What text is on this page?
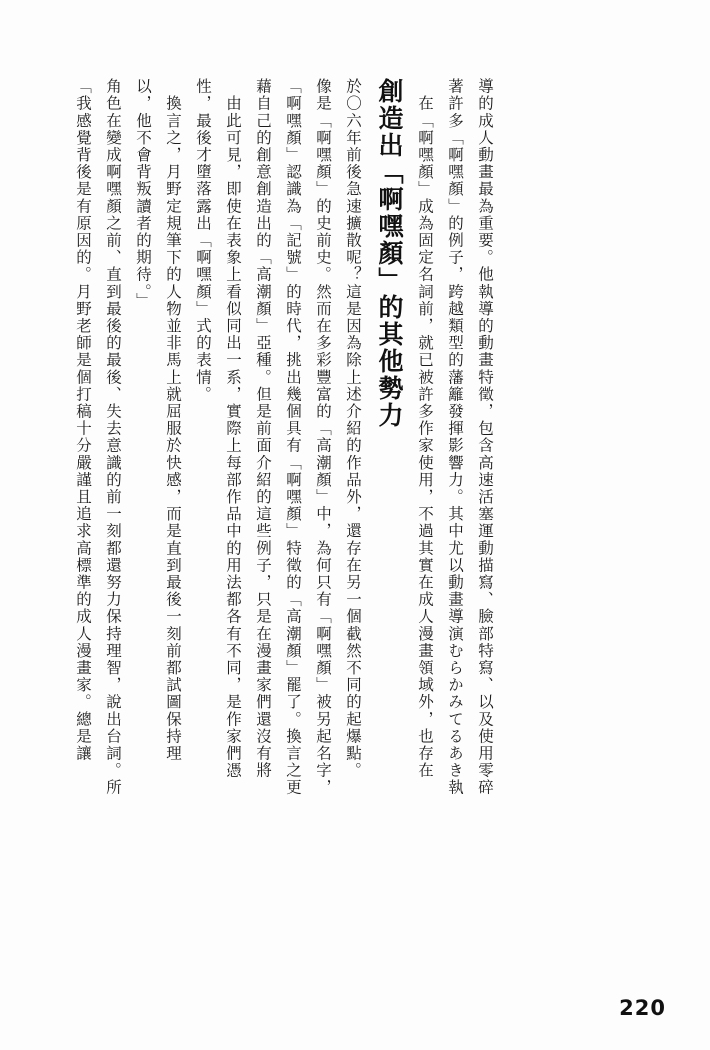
「我感覺背後是有原因的。月野老師是個打稿十分嚴謹且追求高標準的成人漫畫家。總是讓 角色在變成啊嘿顏之前、直到最後的最後、失去意識的前一刻都還努力保持理智，說出台詞。所 以，他不會背叛讀者的期待。」 　換言之，月野定規筆下的人物並非馬上就屈服於快感，而是直到最後一刻前都試圖保持理 性，最後才墮落露出「啊嘿顏」式的表情。 　由此可見，即使在表象上看似同出一系，實際上每部作品中的用法都各有不同，是作家們憑 藉自己的創意創造出的「高潮顏」亞種。但是前面介紹的這些例子，只是在漫畫家們還沒有將 「啊嘿顏」認識為「記號」的時代，挑出幾個具有「啊嘿顏」特徵的「高潮顏」罷了。換言之更 像是「啊嘿顏」的史前史。然而在多彩豐富的「高潮顏」中，為何只有「啊嘿顏」被另起名字， 於〇六年前後急速擴散呢？這是因為除上述介紹的作品外，還存在另一個截然不同的起爆點。 創造出「啊嘿顏」的其他勢力 　在「啊嘿顏」成為固定名詞前，就已被許多作家使用，不過其實在成人漫畫領域外，也存在 著許多「啊嘿顏」的例子，跨越類型的藩籬發揮影響力。其中尤以動畫導演むらかみてるあき執 導的成人動畫最為重要。他執導的動畫特徵，包含高速活塞運動描寫、臉部特寫、以及使用零碎
220
